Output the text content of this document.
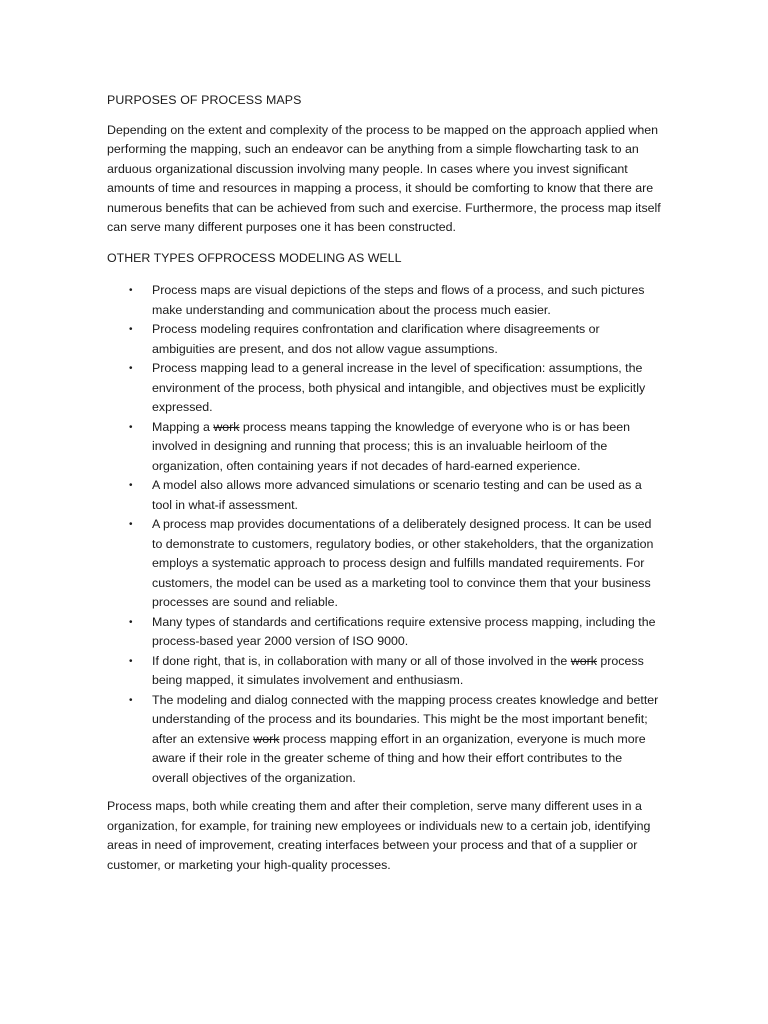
PURPOSES OF PROCESS MAPS

Depending on the extent and complexity of the process to be mapped on the approach applied when performing the mapping, such an endeavor can be anything from a simple flowcharting task to an arduous organizational discussion involving many people. In cases where you invest significant amounts of time and resources in mapping a process, it should be comforting to know that there are numerous benefits that can be achieved from such and exercise. Furthermore, the process map itself can serve many different purposes one it has been constructed.

OTHER TYPES OFPROCESS MODELING AS WELL

• Process maps are visual depictions of the steps and flows of a process, and such pictures make understanding and communication about the process much easier.
• Process modeling requires confrontation and clarification where disagreements or ambiguities are present, and dos not allow vague assumptions.
• Process mapping lead to a general increase in the level of specification: assumptions, the environment of the process, both physical and intangible, and objectives must be explicitly expressed.
• Mapping a work process means tapping the knowledge of everyone who is or has been involved in designing and running that process; this is an invaluable heirloom of the organization, often containing years if not decades of hard-earned experience.
• A model also allows more advanced simulations or scenario testing and can be used as a tool in what-if assessment.
• A process map provides documentations of a deliberately designed process. It can be used to demonstrate to customers, regulatory bodies, or other stakeholders, that the organization employs a systematic approach to process design and fulfills mandated requirements. For customers, the model can be used as a marketing tool to convince them that your business processes are sound and reliable.
• Many types of standards and certifications require extensive process mapping, including the process-based year 2000 version of ISO 9000.
• If done right, that is, in collaboration with many or all of those involved in the work process being mapped, it simulates involvement and enthusiasm.
• The modeling and dialog connected with the mapping process creates knowledge and better understanding of the process and its boundaries. This might be the most important benefit; after an extensive work process mapping effort in an organization, everyone is much more aware if their role in the greater scheme of thing and how their effort contributes to the overall objectives of the organization.

Process maps, both while creating them and after their completion, serve many different uses in a organization, for example, for training new employees or individuals new to a certain job, identifying areas in need of improvement, creating interfaces between your process and that of a supplier or customer, or marketing your high-quality processes.
